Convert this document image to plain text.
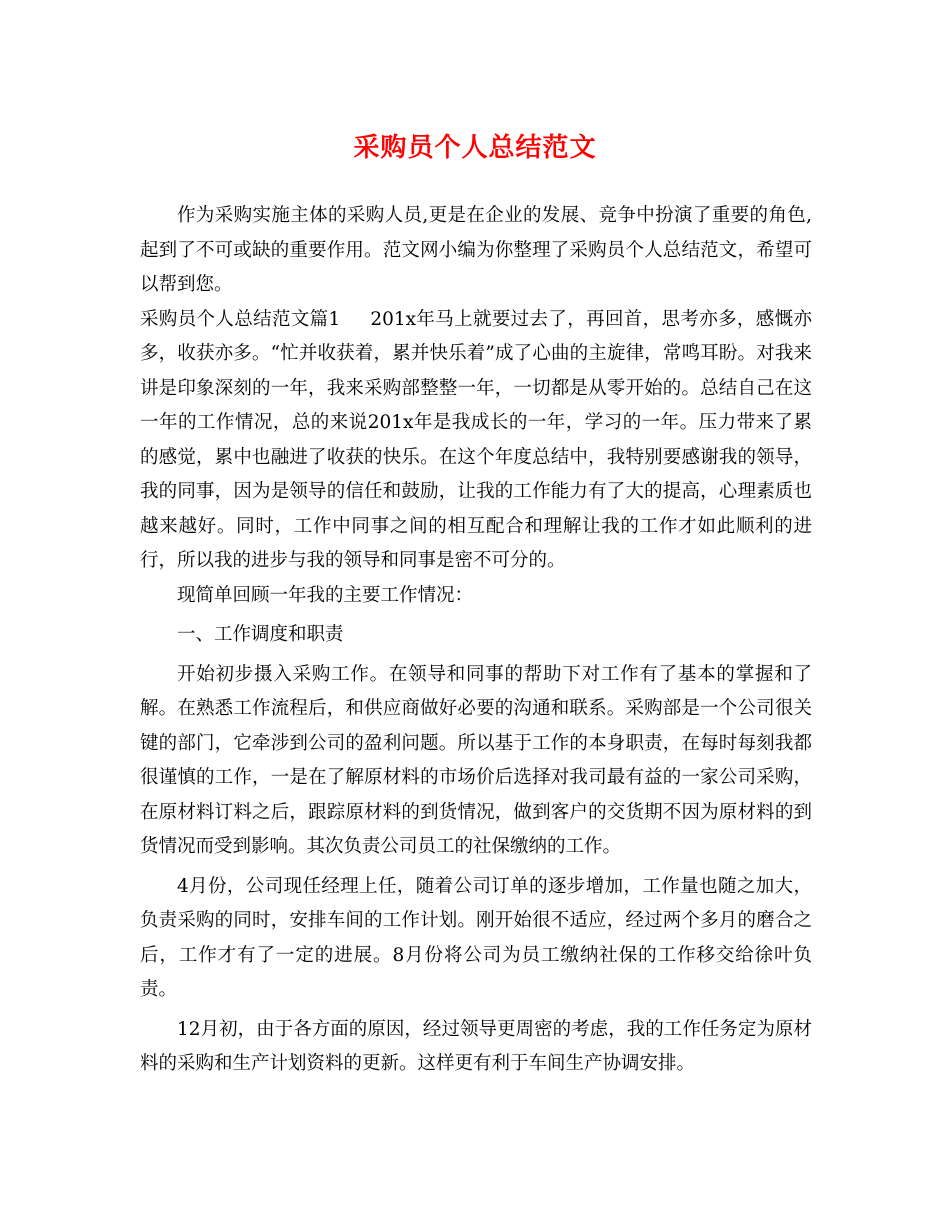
采购员个人总结范文

作为采购实施主体的采购人员,更是在企业的发展、竞争中扮演了重要的角色,起到了不可或缺的重要作用。范文网小编为你整理了采购员个人总结范文，希望可以帮到您。

采购员个人总结范文篇1 201x年马上就要过去了，再回首，思考亦多，感慨亦多，收获亦多。“忙并收获着，累并快乐着”成了心曲的主旋律，常鸣耳盼。对我来讲是印象深刻的一年，我来采购部整整一年，一切都是从零开始的。总结自己在这一年的工作情况，总的来说201x年是我成长的一年，学习的一年。压力带来了累的感觉，累中也融进了收获的快乐。在这个年度总结中，我特别要感谢我的领导，我的同事，因为是领导的信任和鼓励，让我的工作能力有了大的提高，心理素质也越来越好。同时，工作中同事之间的相互配合和理解让我的工作才如此顺利的进行，所以我的进步与我的领导和同事是密不可分的。

现简单回顾一年我的主要工作情况：

一、工作调度和职责

开始初步摄入采购工作。在领导和同事的帮助下对工作有了基本的掌握和了解。在熟悉工作流程后，和供应商做好必要的沟通和联系。采购部是一个公司很关键的部门，它牵涉到公司的盈利问题。所以基于工作的本身职责，在每时每刻我都很谨慎的工作，一是在了解原材料的市场价后选择对我司最有益的一家公司采购，在原材料订料之后，跟踪原材料的到货情况，做到客户的交货期不因为原材料的到货情况而受到影响。其次负责公司员工的社保缴纳的工作。

4月份，公司现任经理上任，随着公司订单的逐步增加，工作量也随之加大，负责采购的同时，安排车间的工作计划。刚开始很不适应，经过两个多月的磨合之后，工作才有了一定的进展。8月份将公司为员工缴纳社保的工作移交给徐叶负责。

12月初，由于各方面的原因，经过领导更周密的考虑，我的工作任务定为原材料的采购和生产计划资料的更新。这样更有利于车间生产协调安排。
